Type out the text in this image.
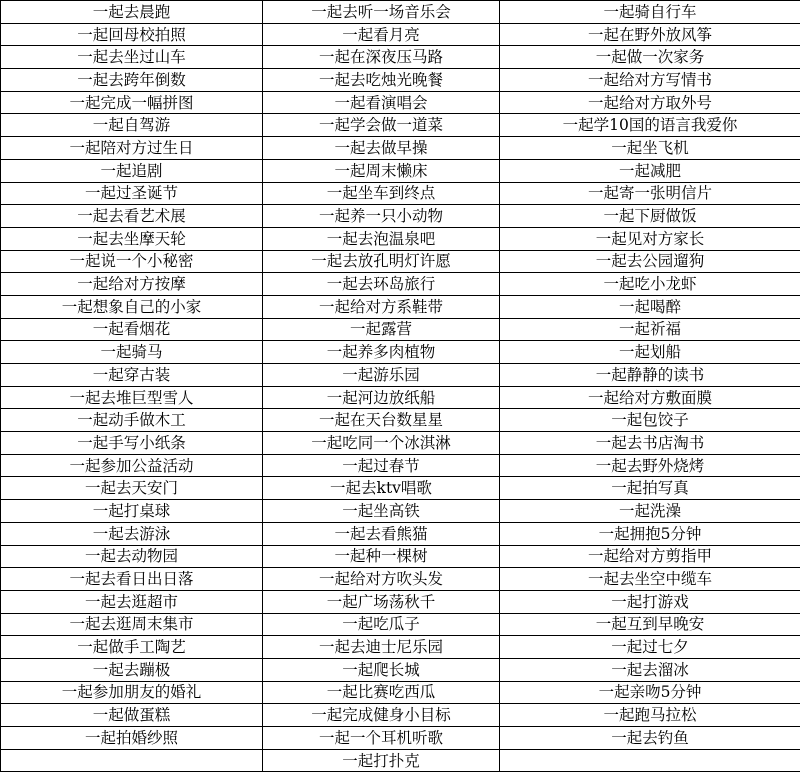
一起去晨跑	一起去听一场音乐会	一起骑自行车
一起回母校拍照	一起看月亮	一起在野外放风筝
一起去坐过山车	一起在深夜压马路	一起做一次家务
一起去跨年倒数	一起去吃烛光晚餐	一起给对方写情书
一起完成一幅拼图	一起看演唱会	一起给对方取外号
一起自驾游	一起学会做一道菜	一起学10国的语言我爱你
一起陪对方过生日	一起去做早操	一起坐飞机
一起追剧	一起周末懒床	一起减肥
一起过圣诞节	一起坐车到终点	一起寄一张明信片
一起去看艺术展	一起养一只小动物	一起下厨做饭
一起去坐摩天轮	一起去泡温泉吧	一起见对方家长
一起说一个小秘密	一起去放孔明灯许愿	一起去公园遛狗
一起给对方按摩	一起去环岛旅行	一起吃小龙虾
一起想象自己的小家	一起给对方系鞋带	一起喝醉
一起看烟花	一起露营	一起祈福
一起骑马	一起养多肉植物	一起划船
一起穿古装	一起游乐园	一起静静的读书
一起去堆巨型雪人	一起河边放纸船	一起给对方敷面膜
一起动手做木工	一起在天台数星星	一起包饺子
一起手写小纸条	一起吃同一个冰淇淋	一起去书店淘书
一起参加公益活动	一起过春节	一起去野外烧烤
一起去天安门	一起去ktv唱歌	一起拍写真
一起打桌球	一起坐高铁	一起洗澡
一起去游泳	一起去看熊猫	一起拥抱5分钟
一起去动物园	一起种一棵树	一起给对方剪指甲
一起去看日出日落	一起给对方吹头发	一起去坐空中缆车
一起去逛超市	一起广场荡秋千	一起打游戏
一起去逛周末集市	一起吃瓜子	一起互到早晚安
一起做手工陶艺	一起去迪士尼乐园	一起过七夕
一起去蹦极	一起爬长城	一起去溜冰
一起参加朋友的婚礼	一起比赛吃西瓜	一起亲吻5分钟
一起做蛋糕	一起完成健身小目标	一起跑马拉松
一起拍婚纱照	一起一个耳机听歌	一起去钓鱼
	一起打扑克	
